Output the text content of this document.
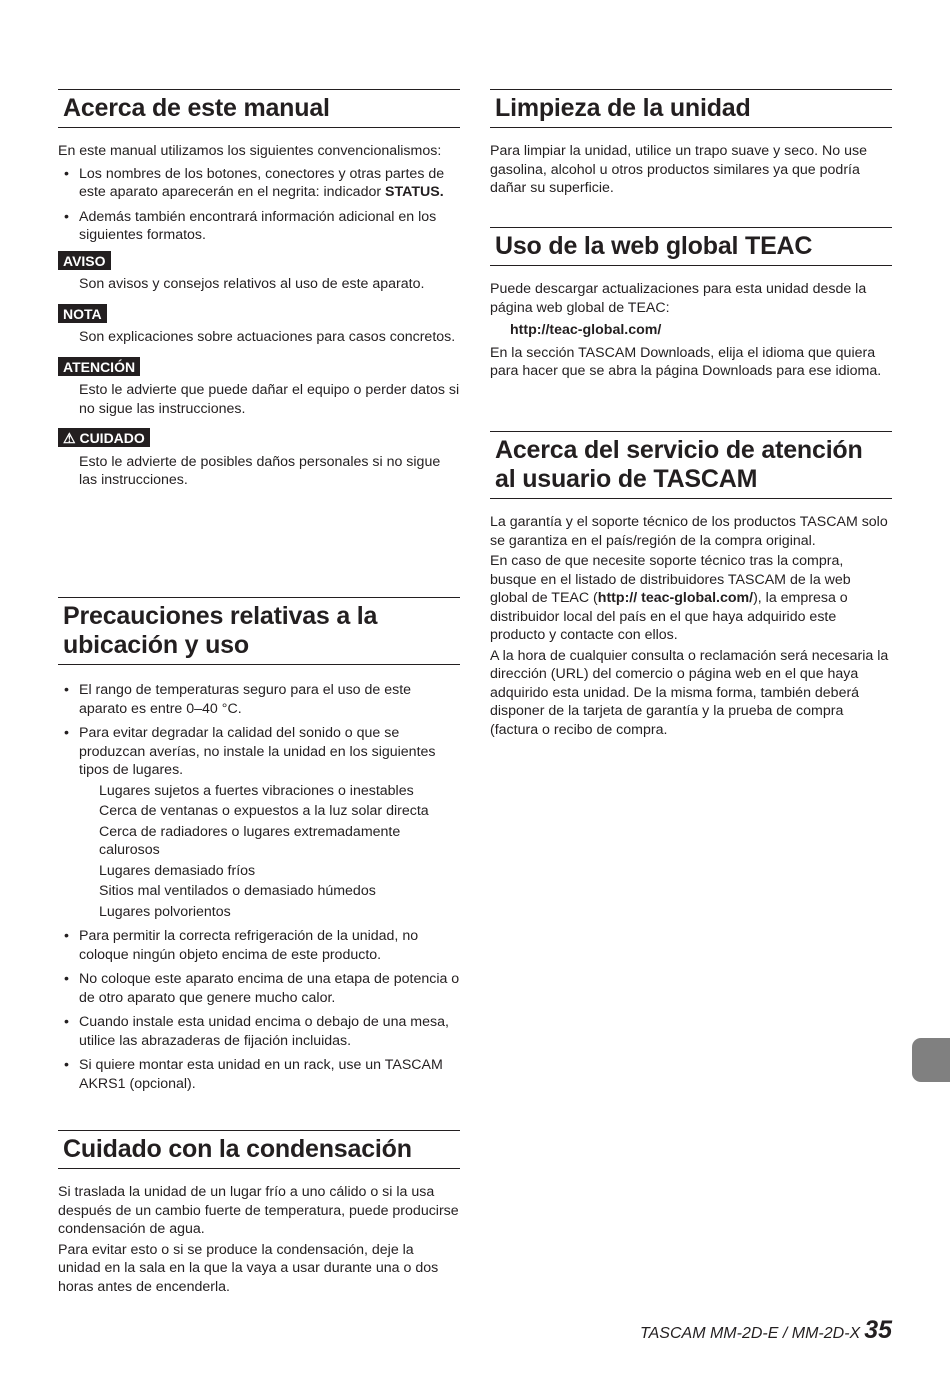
Acerca de este manual
En este manual utilizamos los siguientes convencionalismos:
• Los nombres de los botones, conectores y otras partes de este aparato aparecerán en el negrita: indicador STATUS.
• Además también encontrará información adicional en los siguientes formatos.
AVISO
Son avisos y consejos relativos al uso de este aparato.
NOTA
Son explicaciones sobre actuaciones para casos concretos.
ATENCIÓN
Esto le advierte que puede dañar el equipo o perder datos si no sigue las instrucciones.
⚠ CUIDADO
Esto le advierte de posibles daños personales si no sigue las instrucciones.
Precauciones relativas a la ubicación y uso
• El rango de temperaturas seguro para el uso de este aparato es entre 0–40 °C.
• Para evitar degradar la calidad del sonido o que se produzcan averías, no instale la unidad en los siguientes tipos de lugares.
Lugares sujetos a fuertes vibraciones o inestables
Cerca de ventanas o expuestos a la luz solar directa
Cerca de radiadores o lugares extremadamente calurosos
Lugares demasiado fríos
Sitios mal ventilados o demasiado húmedos
Lugares polvorientos
• Para permitir la correcta refrigeración de la unidad, no coloque ningún objeto encima de este producto.
• No coloque este aparato encima de una etapa de potencia o de otro aparato que genere mucho calor.
• Cuando instale esta unidad encima o debajo de una mesa, utilice las abrazaderas de fijación incluidas.
• Si quiere montar esta unidad en un rack, use un TASCAM AKRS1 (opcional).
Cuidado con la condensación
Si traslada la unidad de un lugar frío a uno cálido o si la usa después de un cambio fuerte de temperatura, puede producirse condensación de agua.
Para evitar esto o si se produce la condensación, deje la unidad en la sala en la que la vaya a usar durante una o dos horas antes de encenderla.
Limpieza de la unidad
Para limpiar la unidad, utilice un trapo suave y seco. No use gasolina, alcohol u otros productos similares ya que podría dañar su superficie.
Uso de la web global TEAC
Puede descargar actualizaciones para esta unidad desde la página web global de TEAC:
http://teac-global.com/
En la sección TASCAM Downloads, elija el idioma que quiera para hacer que se abra la página Downloads para ese idioma.
Acerca del servicio de atención al usuario de TASCAM
La garantía y el soporte técnico de los productos TASCAM solo se garantiza en el país/región de la compra original.
En caso de que necesite soporte técnico tras la compra, busque en el listado de distribuidores TASCAM de la web global de TEAC (http:// teac-global.com/), la empresa o distribuidor local del país en el que haya adquirido este producto y contacte con ellos.
A la hora de cualquier consulta o reclamación será necesaria la dirección (URL) del comercio o página web en el que haya adquirido esta unidad. De la misma forma, también deberá disponer de la tarjeta de garantía y la prueba de compra (factura o recibo de compra.
TASCAM MM-2D-E / MM-2D-X 35
